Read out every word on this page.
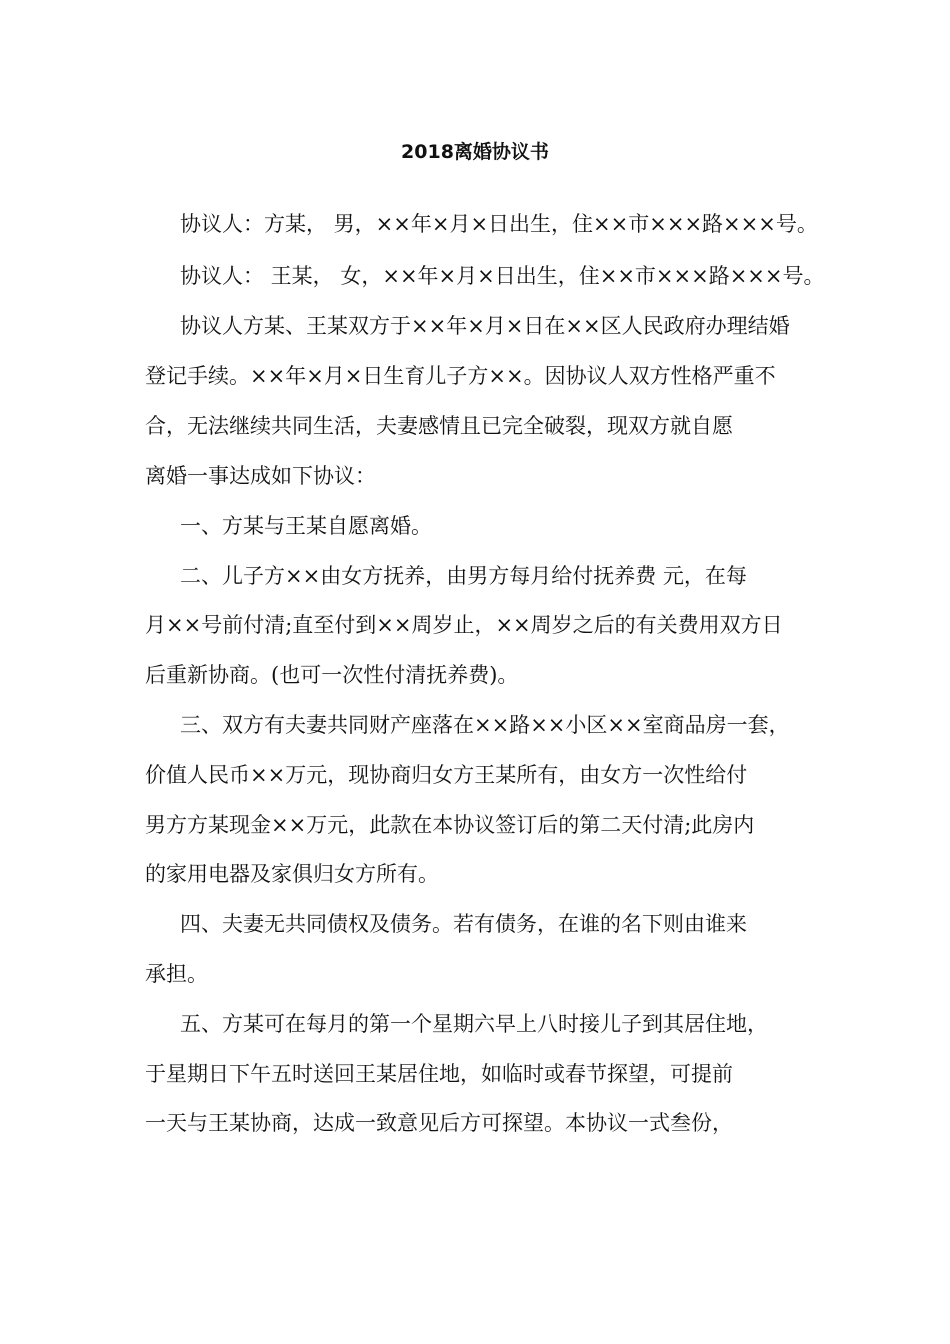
2018离婚协议书
协议人：方某， 男，××年×月×日出生，住××市×××路×××号。
协议人： 王某， 女，××年×月×日出生，住××市×××路×××号。
协议人方某、王某双方于××年×月×日在××区人民政府办理结婚
登记手续。××年×月×日生育儿子方××。因协议人双方性格严重不
合，无法继续共同生活，夫妻感情且已完全破裂，现双方就自愿
离婚一事达成如下协议：
一、方某与王某自愿离婚。
二、儿子方××由女方抚养，由男方每月给付抚养费 元，在每
月××号前付清;直至付到××周岁止，××周岁之后的有关费用双方日
后重新协商。(也可一次性付清抚养费)。
三、双方有夫妻共同财产座落在××路××小区××室商品房一套，
价值人民币××万元，现协商归女方王某所有，由女方一次性给付
男方方某现金××万元，此款在本协议签订后的第二天付清;此房内
的家用电器及家俱归女方所有。
四、夫妻无共同债权及债务。若有债务，在谁的名下则由谁来
承担。
五、方某可在每月的第一个星期六早上八时接儿子到其居住地，
于星期日下午五时送回王某居住地，如临时或春节探望，可提前
一天与王某协商，达成一致意见后方可探望。本协议一式叁份，
